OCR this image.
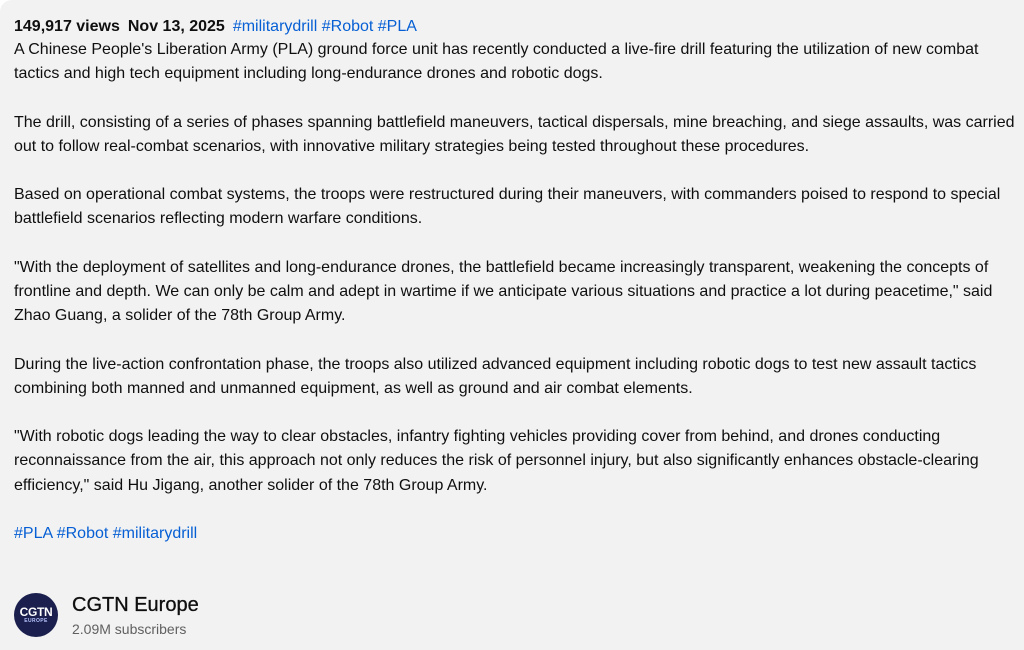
149,917 views Nov 13, 2025 #militarydrill #Robot #PLA

A Chinese People's Liberation Army (PLA) ground force unit has recently conducted a live-fire drill featuring the utilization of new combat tactics and high tech equipment including long-endurance drones and robotic dogs.

The drill, consisting of a series of phases spanning battlefield maneuvers, tactical dispersals, mine breaching, and siege assaults, was carried out to follow real-combat scenarios, with innovative military strategies being tested throughout these procedures.

Based on operational combat systems, the troops were restructured during their maneuvers, with commanders poised to respond to special battlefield scenarios reflecting modern warfare conditions.

"With the deployment of satellites and long-endurance drones, the battlefield became increasingly transparent, weakening the concepts of frontline and depth. We can only be calm and adept in wartime if we anticipate various situations and practice a lot during peacetime," said Zhao Guang, a solider of the 78th Group Army.

During the live-action confrontation phase, the troops also utilized advanced equipment including robotic dogs to test new assault tactics combining both manned and unmanned equipment, as well as ground and air combat elements.

"With robotic dogs leading the way to clear obstacles, infantry fighting vehicles providing cover from behind, and drones conducting reconnaissance from the air, this approach not only reduces the risk of personnel injury, but also significantly enhances obstacle-clearing efficiency," said Hu Jigang, another solider of the 78th Group Army.

#PLA #Robot #militarydrill
CGTN
EUROPE
CGTN Europe
2.09M subscribers
